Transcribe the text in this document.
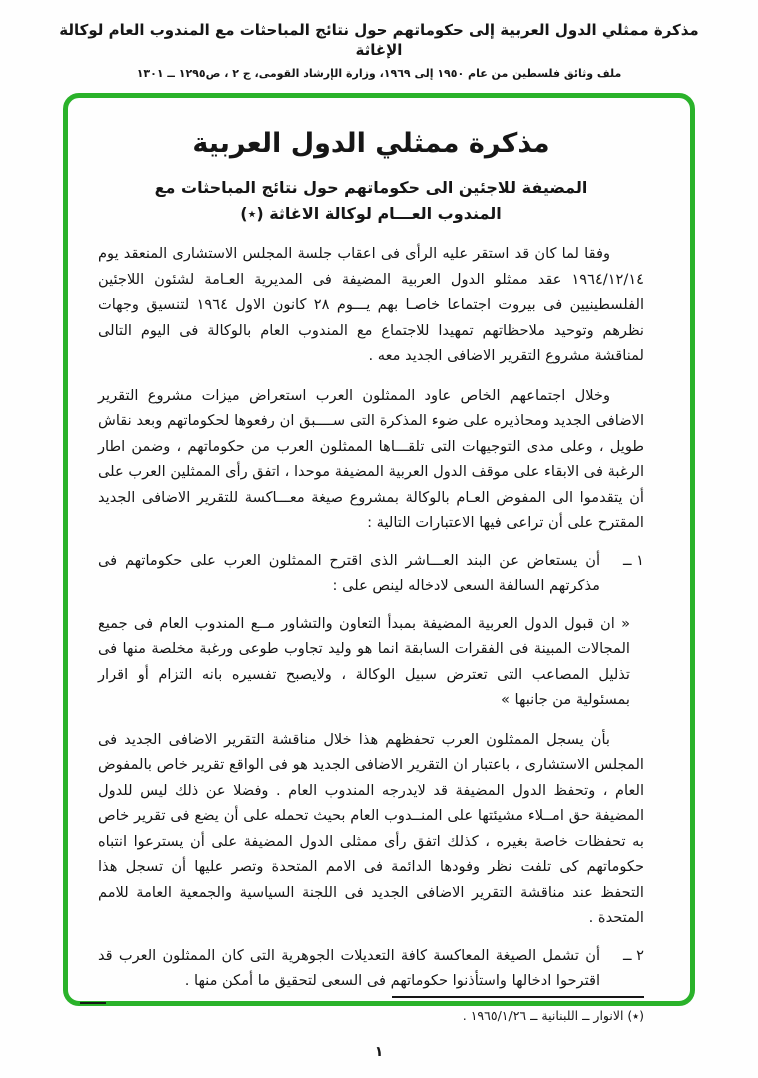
مذكرة ممثلي الدول العربية إلى حكوماتهم حول نتائج المباحثات مع المندوب العام لوكالة الإغاثة
ملف وثائق فلسطين من عام ١٩٥٠ إلى ١٩٦٩، وزارة الإرشاد القومى، ج ٢ ، ص١٢٩٥ ــ ١٣٠١
مذكرة ممثلي الدول العربية
المضيفة للاجئين الى حكوماتهم حول نتائج المباحثات مع
المندوب العـــام لوكالة الاغاثة (٭)

وفقا لما كان قد استقر عليه الرأى فى اعقاب جلسة المجلس الاستشارى المنعقد يوم ١٩٦٤/١٢/١٤ عقد ممثلو الدول العربية المضيفة فى المديرية العـامة لشئون اللاجئين الفلسطينيين فى بيروت اجتماعا خاصـا بهم يـــوم ٢٨ كانون الاول ١٩٦٤ لتنسيق وجهات نظرهم وتوحيد ملاحظاتهم تمهيدا للاجتماع مع المندوب العام بالوكالة فى اليوم التالى لمناقشة مشروع التقرير الاضافى الجديد معه .

وخلال اجتماعهم الخاص عاود الممثلون العرب استعراض ميزات مشروع التقرير الاضافى الجديد ومحاذيره على ضوء المذكرة التى ســــبق ان رفعوها لحكوماتهم وبعد نقاش طويل ، وعلى مدى التوجيهات التى تلقـــاها الممثلون العرب من حكوماتهم ، وضمن اطار الرغبة فى الابقاء على موقف الدول العربية المضيفة موحدا ، اتفق رأى الممثلين العرب على أن يتقدموا الى المفوض العـام بالوكالة بمشروع صيغة معـــاكسة للتقرير الاضافى الجديد المقترح على أن تراعى فيها الاعتبارات التالية :

١ ــ
أن يستعاض عن البند العـــاشر الذى اقترح الممثلون العرب على حكوماتهم فى مذكرتهم السالفة السعى لادخاله لينص على :

« ان قبول الدول العربية المضيفة بمبدأ التعاون والتشاور مــع المندوب العام فى جميع المجالات المبينة فى الفقرات السابقة انما هو وليد تجاوب طوعى ورغبة مخلصة منها فى تذليل المصاعب التى تعترض سبيل الوكالة ، ولايصبح تفسيره بانه التزام أو اقرار بمسئولية من جانبها »

بأن يسجل الممثلون العرب تحفظهم هذا خلال مناقشة التقرير الاضافى الجديد فى المجلس الاستشارى ، باعتبار ان التقرير الاضافى الجديد هو فى الواقع تقرير خاص بالمفوض العام ، وتحفظ الدول المضيفة قد لايدرجه المندوب العام . وفضلا عن ذلك ليس للدول المضيفة حق امــلاء مشيئتها على المنــدوب العام بحيث تحمله على أن يضع فى تقرير خاص به تحفظات خاصة بغيره ، كذلك اتفق رأى ممثلى الدول المضيفة على أن يسترعوا انتباه حكوماتهم كى تلفت نظر وفودها الدائمة فى الامم المتحدة وتصر عليها أن تسجل هذا التحفظ عند مناقشة التقرير الاضافى الجديد فى اللجنة السياسية والجمعية العامة للامم المتحدة .

٢ ــ
أن تشمل الصيغة المعاكسة كافة التعديلات الجوهرية التى كان الممثلون العرب قد اقترحوا ادخالها واستأذنوا حكوماتهم فى السعى لتحقيق ما أمكن منها .
(٭) الانوار ــ اللبنانية ــ ١٩٦٥/١/٢٦ .
١
